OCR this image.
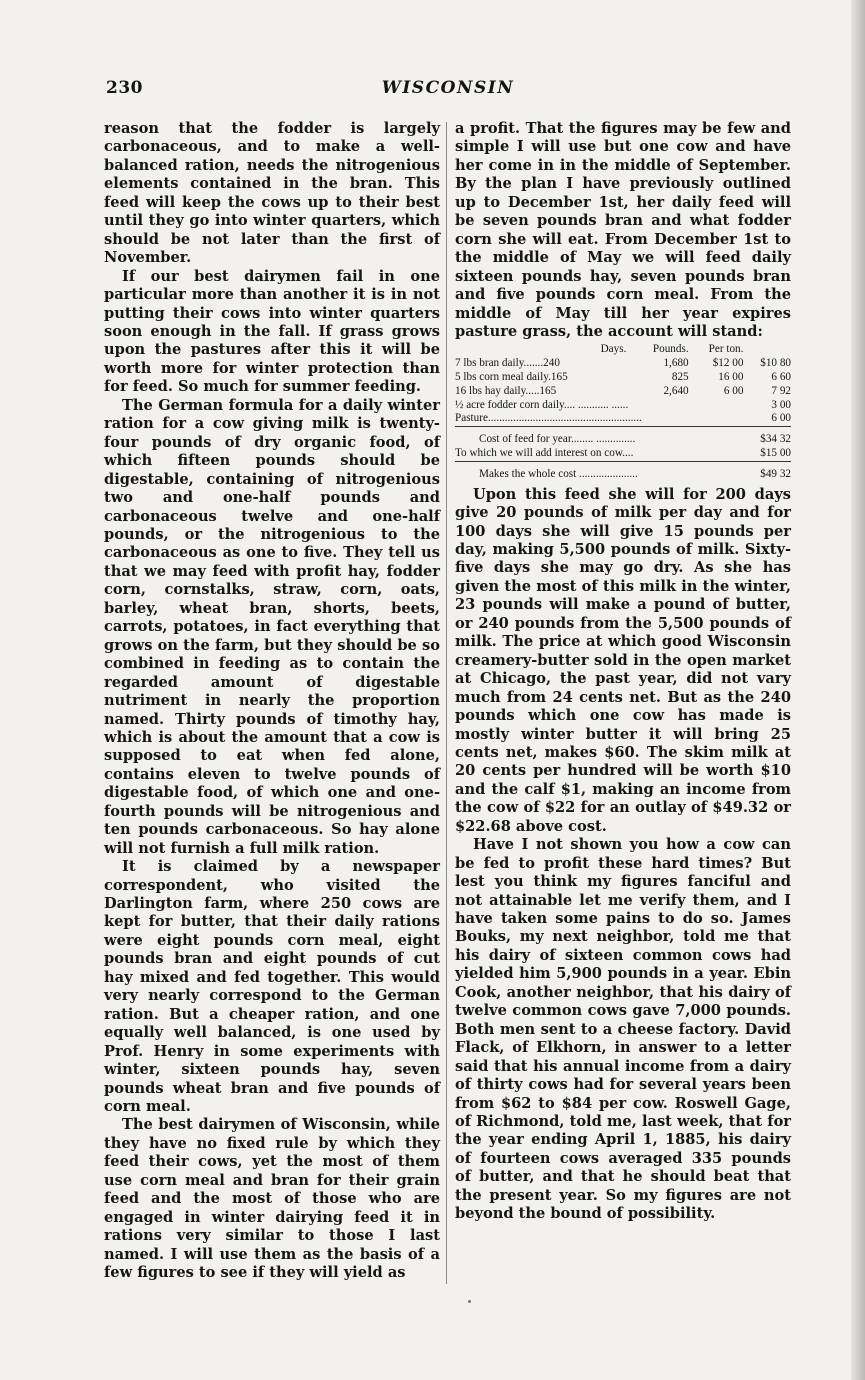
230	WISCONSIN

reason that the fodder is largely carbonaceous, and to make a well-balanced ration, needs the nitrogenious elements contained in the bran. This feed will keep the cows up to their best until they go into winter quarters, which should be not later than the first of November.

If our best dairymen fail in one particular more than another it is in not putting their cows into winter quarters soon enough in the fall. If grass grows upon the pastures after this it will be worth more for winter protection than for feed. So much for summer feeding.

The German formula for a daily winter ration for a cow giving milk is twenty-four pounds of dry organic food, of which fifteen pounds should be digestable, containing of nitrogenious two and one-half pounds and carbonaceous twelve and one-half pounds, or the nitrogenious to the carbonaceous as one to five. They tell us that we may feed with profit hay, fodder corn, cornstalks, straw, corn, oats, barley, wheat bran, shorts, beets, carrots, potatoes, in fact everything that grows on the farm, but they should be so combined in feeding as to contain the regarded amount of digestable nutriment in nearly the proportion named. Thirty pounds of timothy hay, which is about the amount that a cow is supposed to eat when fed alone, contains eleven to twelve pounds of digestable food, of which one and one-fourth pounds will be nitrogenious and ten pounds carbonaceous. So hay alone will not furnish a full milk ration.

It is claimed by a newspaper correspondent, who visited the Darlington farm, where 250 cows are kept for butter, that their daily rations were eight pounds corn meal, eight pounds bran and eight pounds of cut hay mixed and fed together. This would very nearly correspond to the German ration. But a cheaper ration, and one equally well balanced, is one used by Prof. Henry in some experiments with winter, sixteen pounds hay, seven pounds wheat bran and five pounds of corn meal.

The best dairymen of Wisconsin, while they have no fixed rule by which they feed their cows, yet the most of them use corn meal and bran for their grain feed and the most of those who are engaged in winter dairying feed it in rations very similar to those I last named. I will use them as the basis of a few figures to see if they will yield as

a profit. That the figures may be few and simple I will use but one cow and have her come in in the middle of September. By the plan I have previously outlined up to December 1st, her daily feed will be seven pounds bran and what fodder corn she will eat. From December 1st to the middle of May we will feed daily sixteen pounds hay, seven pounds bran and five pounds corn meal. From the middle of May till her year expires pasture grass, the account will stand:

Days.	Pounds.	Per ton.	
7 lbs bran daily.......240	1,680	$12 00	$10 80
5 lbs corn meal daily.165	825	16 00	6 60
16 lbs hay daily.....165	2,640	6 00	7 92
½ acre fodder corn daily.... ........... ......			3 00
Pasture.......................................................			6 00

Cost of feed for year........ ..............			$34 32
To which we will add interest on cow....			$15 00

Makes the whole cost .....................			$49 32

Upon this feed she will for 200 days give 20 pounds of milk per day and for 100 days she will give 15 pounds per day, making 5,500 pounds of milk. Sixty-five days she may go dry. As she has given the most of this milk in the winter, 23 pounds will make a pound of butter, or 240 pounds from the 5,500 pounds of milk. The price at which good Wisconsin creamery-butter sold in the open market at Chicago, the past year, did not vary much from 24 cents net. But as the 240 pounds which one cow has made is mostly winter butter it will bring 25 cents net, makes $60. The skim milk at 20 cents per hundred will be worth $10 and the calf $1, making an income from the cow of $22 for an outlay of $49.32 or $22.68 above cost.

Have I not shown you how a cow can be fed to profit these hard times? But lest you think my figures fanciful and not attainable let me verify them, and I have taken some pains to do so. James Bouks, my next neighbor, told me that his dairy of sixteen common cows had yielded him 5,900 pounds in a year. Ebin Cook, another neighbor, that his dairy of twelve common cows gave 7,000 pounds. Both men sent to a cheese factory. David Flack, of Elkhorn, in answer to a letter said that his annual income from a dairy of thirty cows had for several years been from $62 to $84 per cow. Roswell Gage, of Richmond, told me, last week, that for the year ending April 1, 1885, his dairy of fourteen cows averaged 335 pounds of butter, and that he should beat that the present year. So my figures are not beyond the bound of possibility.
